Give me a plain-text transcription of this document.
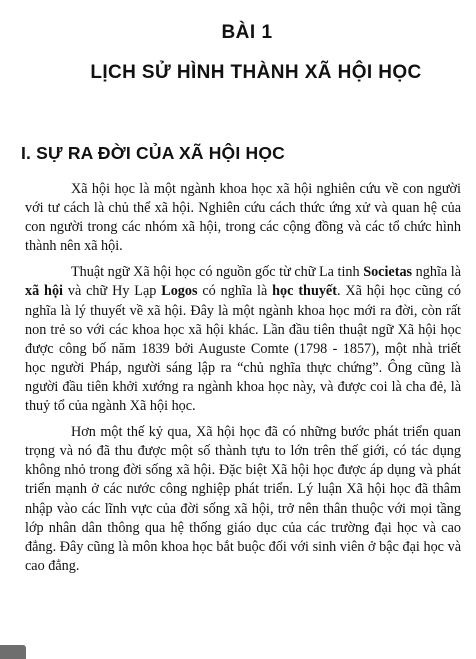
BÀI 1
LỊCH SỬ HÌNH THÀNH XÃ HỘI HỌC
I. SỰ RA ĐỜI CỦA XÃ HỘI HỌC

Xã hội học là một ngành khoa học xã hội nghiên cứu về con người với tư cách là chủ thể xã hội. Nghiên cứu cách thức ứng xử và quan hệ của con người trong các nhóm xã hội, trong các cộng đồng và các tổ chức hình thành nên xã hội.

Thuật ngữ Xã hội học có nguồn gốc từ chữ La tinh Societas nghĩa là xã hội và chữ Hy Lạp Logos có nghĩa là học thuyết. Xã hội học cũng có nghĩa là lý thuyết về xã hội. Đây là một ngành khoa học mới ra đời, còn rất non trẻ so với các khoa học xã hội khác. Lần đầu tiên thuật ngữ Xã hội học được công bố năm 1839 bởi Auguste Comte (1798 - 1857), một nhà triết học người Pháp, người sáng lập ra “chủ nghĩa thực chứng”. Ông cũng là người đầu tiên khởi xướng ra ngành khoa học này, và được coi là cha đẻ, là thuỷ tổ của ngành Xã hội học.

Hơn một thế kỷ qua, Xã hội học đã có những bước phát triển quan trọng và nó đã thu được một số thành tựu to lớn trên thế giới, có tác dụng không nhỏ trong đời sống xã hội. Đặc biệt Xã hội học được áp dụng và phát triển mạnh ở các nước công nghiệp phát triển. Lý luận Xã hội học đã thâm nhập vào các lĩnh vực của đời sống xã hội, trở nên thân thuộc với mọi tầng lớp nhân dân thông qua hệ thống giáo dục của các trường đại học và cao đẳng. Đây cũng là môn khoa học bắt buộc đối với sinh viên ở bậc đại học và cao đẳng.
